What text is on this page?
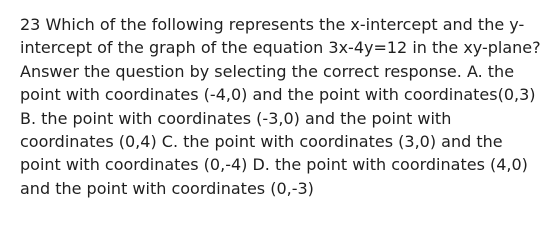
23 Which of the following represents the x-intercept and the y-
intercept of the graph of the equation 3x-4y=12 in the xy-plane?
Answer the question by selecting the correct response. A. the
point with coordinates (-4,0) and the point with coordinates(0,3)
B. the point with coordinates (-3,0) and the point with
coordinates (0,4) C. the point with coordinates (3,0) and the
point with coordinates (0,-4) D. the point with coordinates (4,0)
and the point with coordinates (0,-3)
